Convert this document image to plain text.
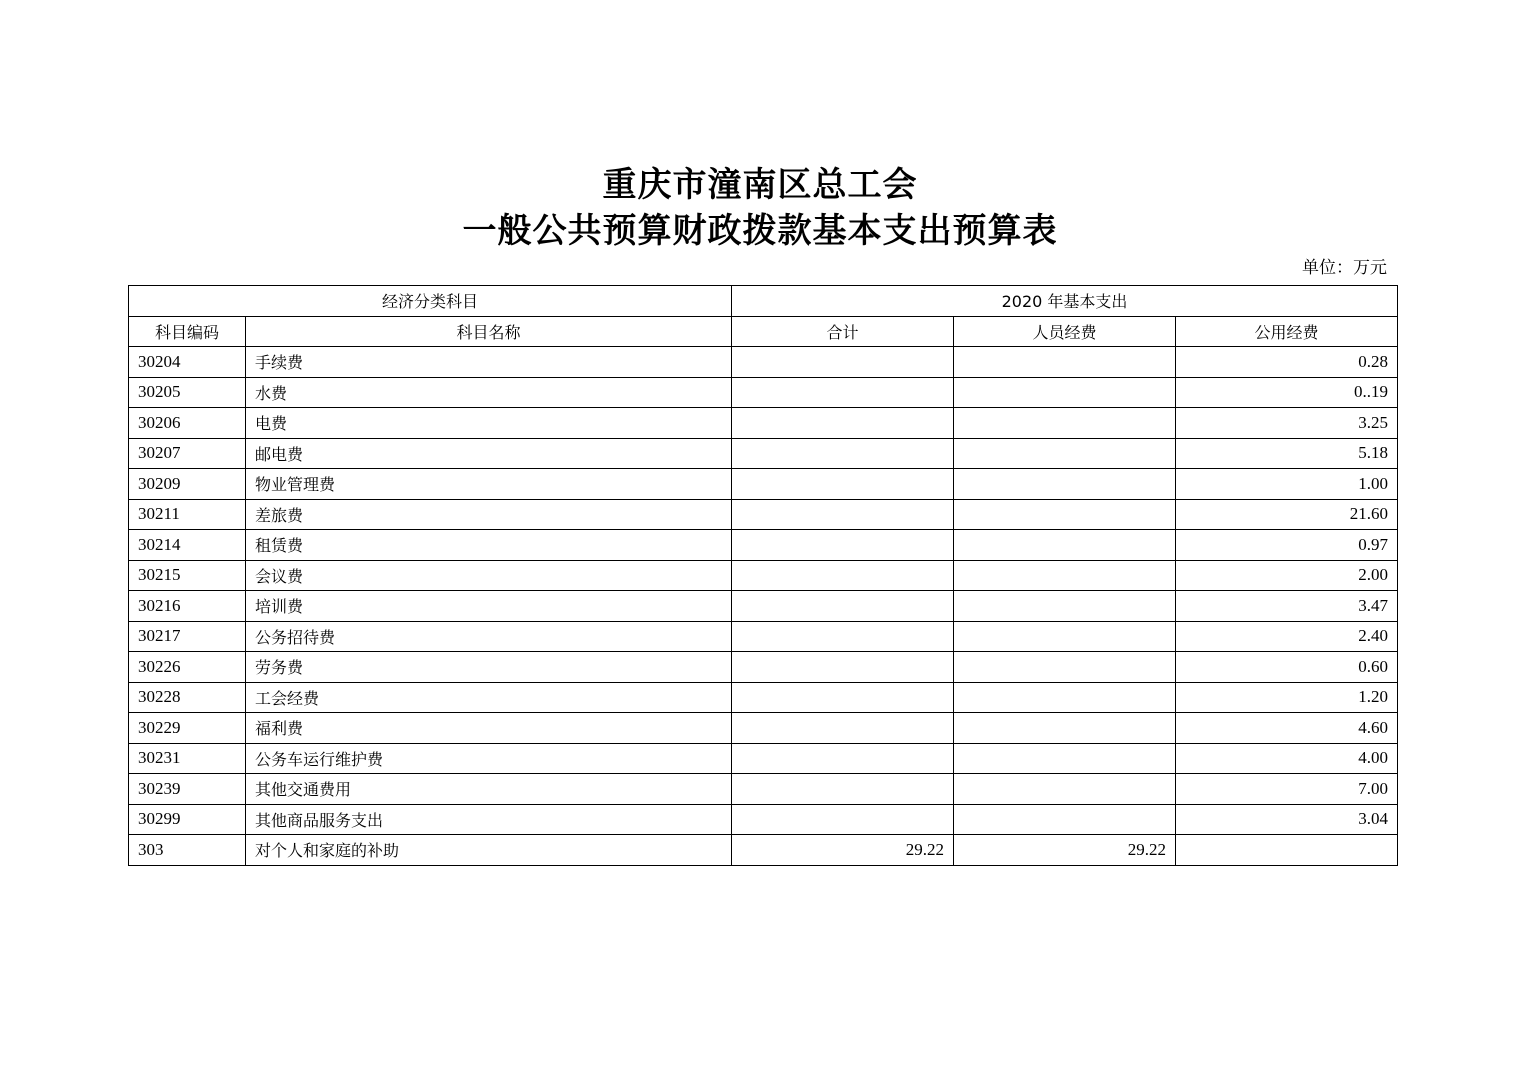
重庆市潼南区总工会
一般公共预算财政拨款基本支出预算表
单位：万元
经济分类科目		2020 年基本支出		
科目编码	科目名称	合计	人员经费	公用经费
30204	手续费			0.28
30205	水费			0..19
30206	电费			3.25
30207	邮电费			5.18
30209	物业管理费			1.00
30211	差旅费			21.60
30214	租赁费			0.97
30215	会议费			2.00
30216	培训费			3.47
30217	公务招待费			2.40
30226	劳务费			0.60
30228	工会经费			1.20
30229	福利费			4.60
30231	公务车运行维护费			4.00
30239	其他交通费用			7.00
30299	其他商品服务支出			3.04
303	对个人和家庭的补助	29.22	29.22	
